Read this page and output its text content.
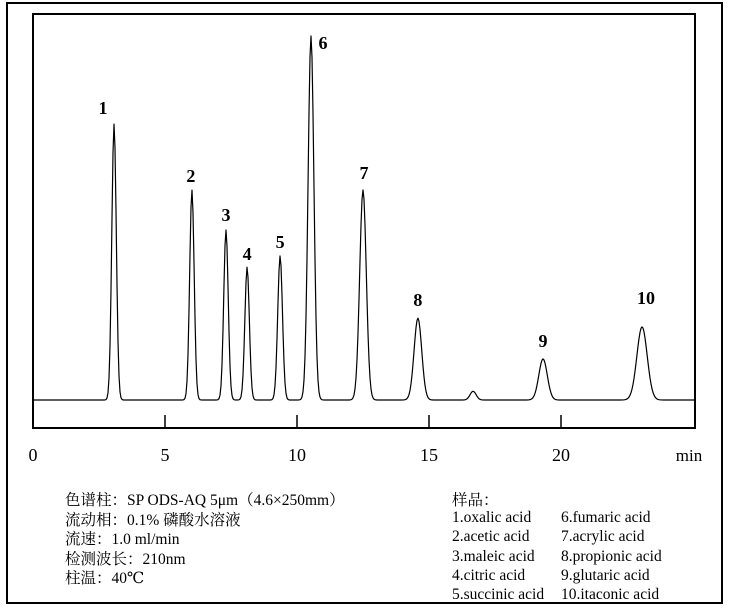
0	5	10	15	20
1
2
3
4
5
6
7
8
9
10
min
色谱柱：SP ODS-AQ 5μm（4.6×250mm）
流动相：0.1% 磷酸水溶液
流速：1.0 ml/min
检测波长：210nm
柱温：40℃
样品：
1.oxalic acid
2.acetic acid
3.maleic acid
4.citric acid
5.succinic acid
6.fumaric acid
7.acrylic acid
8.propionic acid
9.glutaric acid
10.itaconic acid
